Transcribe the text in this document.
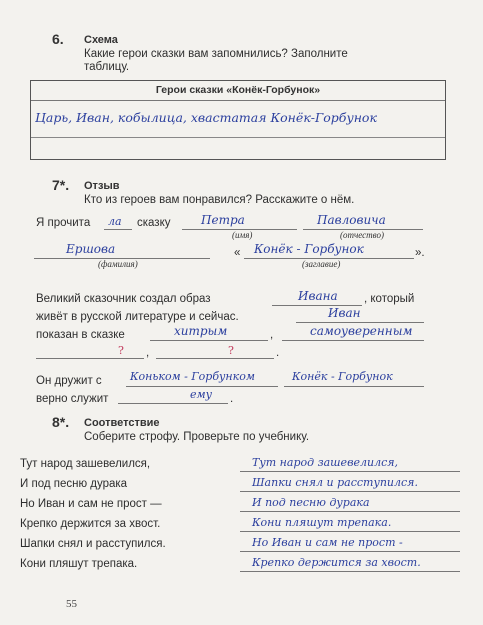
6. Схема
Какие герои сказки вам запомнились? Заполните
таблицу.
Герои сказки «Конёк-Горбунок»
Царь, Иван, кобылица, хвастатая Конёк-Горбунок
7*. Отзыв
Кто из героев вам понравился? Расскажите о нём.
Я прочита ла сказку	Петра
(имя)
Павловича
(отчество)
Ершова
(фамилия)
« Конёк - Горбунок
(заглавие)
».
Великий сказочник создал образ	Ивана , который
живёт в русской литературе и сейчас.	Иван
показан в сказке	хитрым	,	самоуверенным
? ,	?	.
Он дружит с	Коньком - Горбунком	Конёк - Горбунок
верно служит	ему .
8*. Соответствие
Соберите строфу. Проверьте по учебнику.
Тут народ зашевелился,
И под песню дурака
Но Иван и сам не прост —
Крепко держится за хвост.
Шапки снял и расступился.
Кони пляшут трепака.
Тут народ зашевелился,
Шапки снял и расступился.
И под песню дурака
Кони пляшут трепака.
Но Иван и сам не прост -
Крепко держится за хвост.
55
